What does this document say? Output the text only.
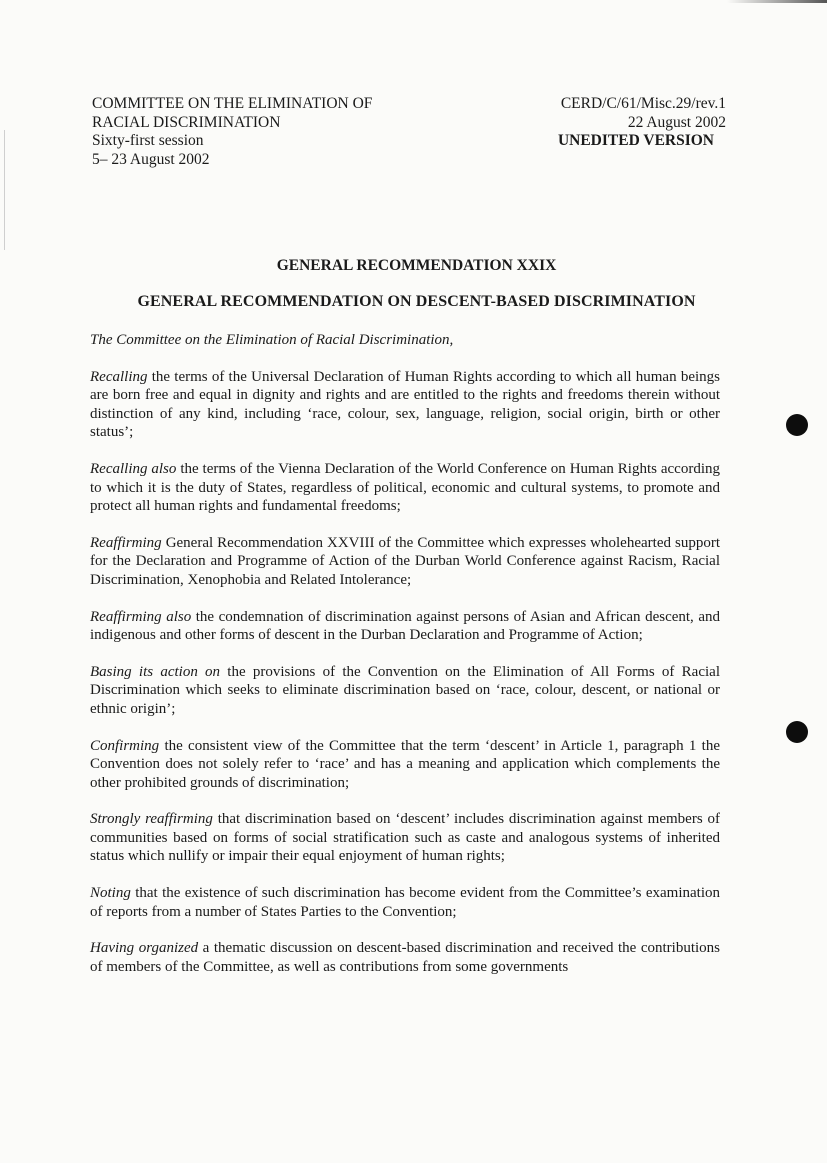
COMMITTEE ON THE ELIMINATION OF
RACIAL DISCRIMINATION
Sixty-first session
5– 23 August 2002
CERD/C/61/Misc.29/rev.1
22 August 2002
UNEDITED VERSION
GENERAL RECOMMENDATION XXIX
GENERAL RECOMMENDATION ON DESCENT-BASED DISCRIMINATION

The Committee on the Elimination of Racial Discrimination,

Recalling the terms of the Universal Declaration of Human Rights according to which all human beings are born free and equal in dignity and rights and are entitled to the rights and freedoms therein without distinction of any kind, including ‘race, colour, sex, language, religion, social origin, birth or other status’;

Recalling also the terms of the Vienna Declaration of the World Conference on Human Rights according to which it is the duty of States, regardless of political, economic and cultural systems, to promote and protect all human rights and fundamental freedoms;

Reaffirming General Recommendation XXVIII of the Committee which expresses wholehearted support for the Declaration and Programme of Action of the Durban World Conference against Racism, Racial Discrimination, Xenophobia and Related Intolerance;

Reaffirming also the condemnation of discrimination against persons of Asian and African descent, and indigenous and other forms of descent in the Durban Declaration and Programme of Action;

Basing its action on the provisions of the Convention on the Elimination of All Forms of Racial Discrimination which seeks to eliminate discrimination based on ‘race, colour, descent, or national or ethnic origin’;

Confirming the consistent view of the Committee that the term ‘descent’ in Article 1, paragraph 1 the Convention does not solely refer to ‘race’ and has a meaning and application which complements the other prohibited grounds of discrimination;

Strongly reaffirming that discrimination based on ‘descent’ includes discrimination against members of communities based on forms of social stratification such as caste and analogous systems of inherited status which nullify or impair their equal enjoyment of human rights;

Noting that the existence of such discrimination has become evident from the Committee’s examination of reports from a number of States Parties to the Convention;

Having organized a thematic discussion on descent-based discrimination and received the contributions of members of the Committee, as well as contributions from some governments
